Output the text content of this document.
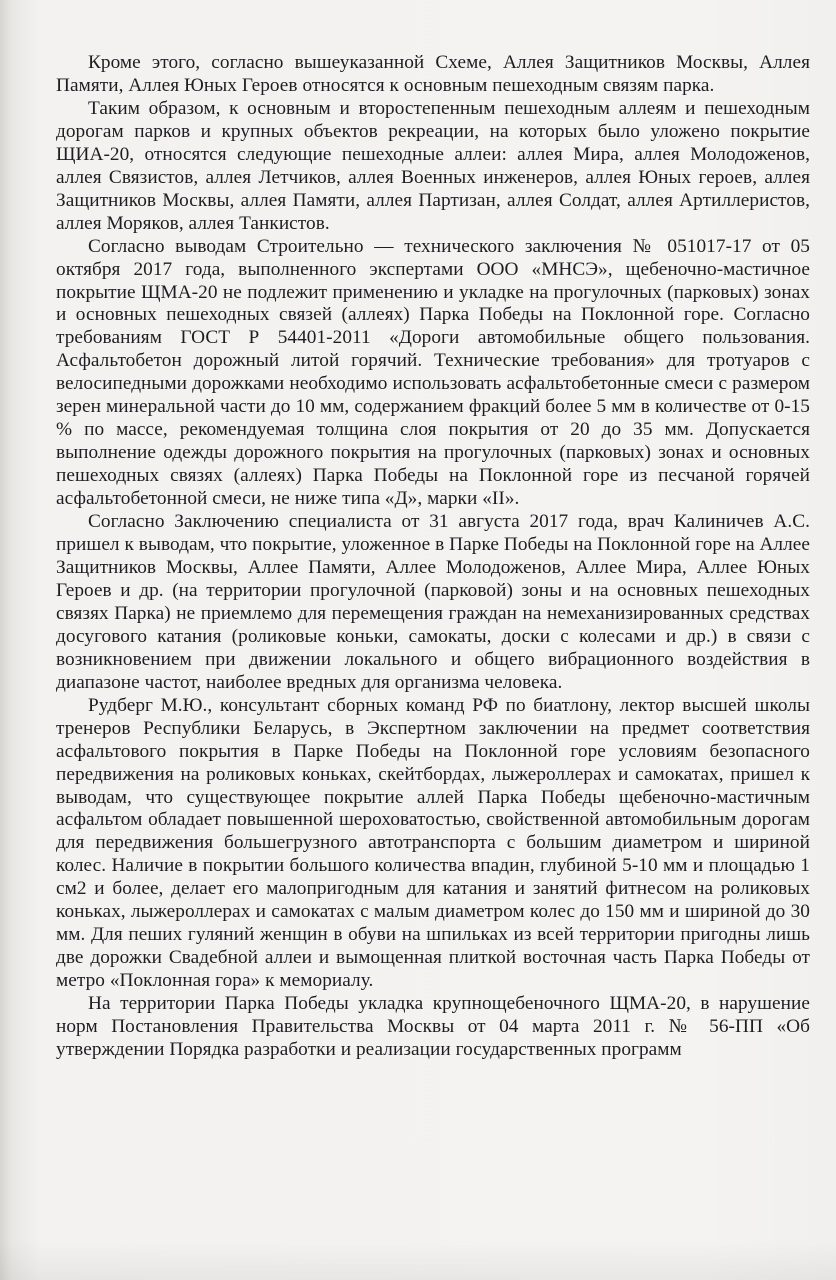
Кроме этого, согласно вышеуказанной Схеме, Аллея Защитников Москвы, Аллея Памяти, Аллея Юных Героев относятся к основным пешеходным связям парка.

Таким образом, к основным и второстепенным пешеходным аллеям и пешеходным дорогам парков и крупных объектов рекреации, на которых было уложено покрытие ЩИА-20, относятся следующие пешеходные аллеи: аллея Мира, аллея Молодоженов, аллея Связистов, аллея Летчиков, аллея Военных инженеров, аллея Юных героев, аллея Защитников Москвы, аллея Памяти, аллея Партизан, аллея Солдат, аллея Артиллеристов, аллея Моряков, аллея Танкистов.

Согласно выводам Строительно — технического заключения № 051017-17 от 05 октября 2017 года, выполненного экспертами ООО «МНСЭ», щебеночно-мастичное покрытие ЩМА-20 не подлежит применению и укладке на прогулочных (парковых) зонах и основных пешеходных связей (аллеях) Парка Победы на Поклонной горе. Согласно требованиям ГОСТ Р 54401-2011 «Дороги автомобильные общего пользования. Асфальтобетон дорожный литой горячий. Технические требования» для тротуаров с велосипедными дорожками необходимо использовать асфальтобетонные смеси с размером зерен минеральной части до 10 мм, содержанием фракций более 5 мм в количестве от 0-15 % по массе, рекомендуемая толщина слоя покрытия от 20 до 35 мм. Допускается выполнение одежды дорожного покрытия на прогулочных (парковых) зонах и основных пешеходных связях (аллеях) Парка Победы на Поклонной горе из песчаной горячей асфальтобетонной смеси, не ниже типа «Д», марки «II».

Согласно Заключению специалиста от 31 августа 2017 года, врач Калиничев А.С. пришел к выводам, что покрытие, уложенное в Парке Победы на Поклонной горе на Аллее Защитников Москвы, Аллее Памяти, Аллее Молодоженов, Аллее Мира, Аллее Юных Героев и др. (на территории прогулочной (парковой) зоны и на основных пешеходных связях Парка) не приемлемо для перемещения граждан на немеханизированных средствах досугового катания (роликовые коньки, самокаты, доски с колесами и др.) в связи с возникновением при движении локального и общего вибрационного воздействия в диапазоне частот, наиболее вредных для организма человека.

Рудберг М.Ю., консультант сборных команд РФ по биатлону, лектор высшей школы тренеров Республики Беларусь, в Экспертном заключении на предмет соответствия асфальтового покрытия в Парке Победы на Поклонной горе условиям безопасного передвижения на роликовых коньках, скейтбордах, лыжероллерах и самокатах, пришел к выводам, что существующее покрытие аллей Парка Победы щебеночно-мастичным асфальтом обладает повышенной шероховатостью, свойственной автомобильным дорогам для передвижения большегрузного автотранспорта с большим диаметром и шириной колес. Наличие в покрытии большого количества впадин, глубиной 5-10 мм и площадью 1 см2 и более, делает его малопригодным для катания и занятий фитнесом на роликовых коньках, лыжероллерах и самокатах с малым диаметром колес до 150 мм и шириной до 30 мм. Для пеших гуляний женщин в обуви на шпильках из всей территории пригодны лишь две дорожки Свадебной аллеи и вымощенная плиткой восточная часть Парка Победы от метро «Поклонная гора» к мемориалу.

На территории Парка Победы укладка крупнощебеночного ЩМА-20, в нарушение норм Постановления Правительства Москвы от 04 марта 2011 г. № 56-ПП «Об утверждении Порядка разработки и реализации государственных программ
